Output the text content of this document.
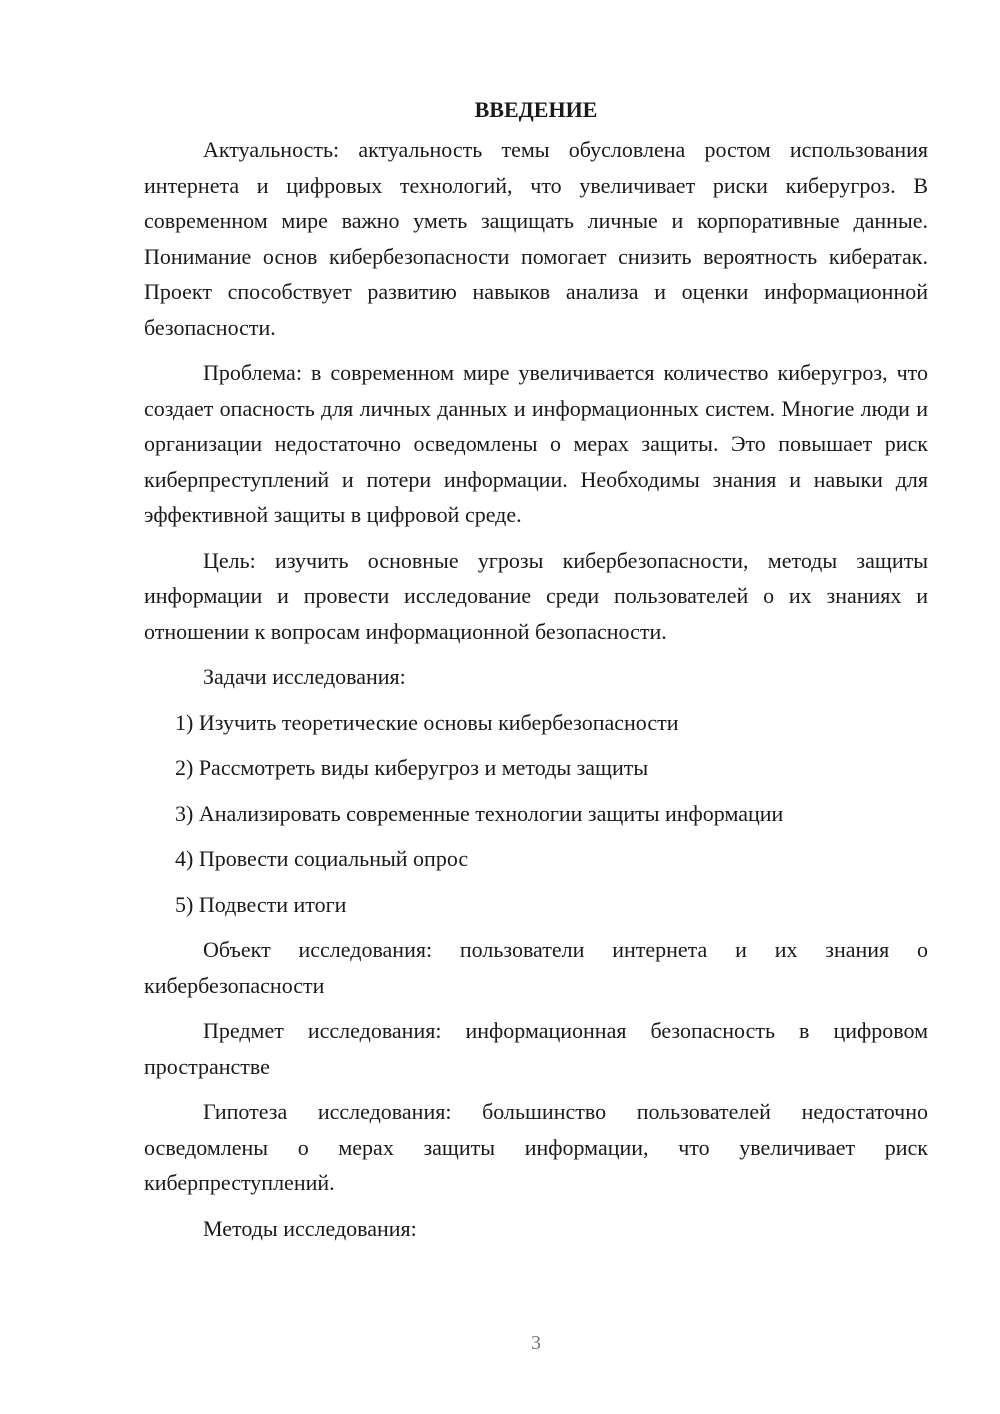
ВВЕДЕНИЕ
Актуальность: актуальность темы обусловлена ростом использования интернета и цифровых технологий, что увеличивает риски киберугроз. В современном мире важно уметь защищать личные и корпоративные данные. Понимание основ кибербезопасности помогает снизить вероятность кибератак. Проект способствует развитию навыков анализа и оценки информационной безопасности.
Проблема: в современном мире увеличивается количество киберугроз, что создает опасность для личных данных и информационных систем. Многие люди и организации недостаточно осведомлены о мерах защиты. Это повышает риск киберпреступлений и потери информации. Необходимы знания и навыки для эффективной защиты в цифровой среде.
Цель: изучить основные угрозы кибербезопасности, методы защиты информации и провести исследование среди пользователей о их знаниях и отношении к вопросам информационной безопасности.
Задачи исследования:
1) Изучить теоретические основы кибербезопасности
2) Рассмотреть виды киберугроз и методы защиты
3) Анализировать современные технологии защиты информации
4) Провести социальный опрос
5) Подвести итоги
Объект исследования: пользователи интернета и их знания о кибербезопасности
Предмет исследования: информационная безопасность в цифровом пространстве
Гипотеза исследования: большинство пользователей недостаточно осведомлены о мерах защиты информации, что увеличивает риск киберпреступлений.
Методы исследования:
3
